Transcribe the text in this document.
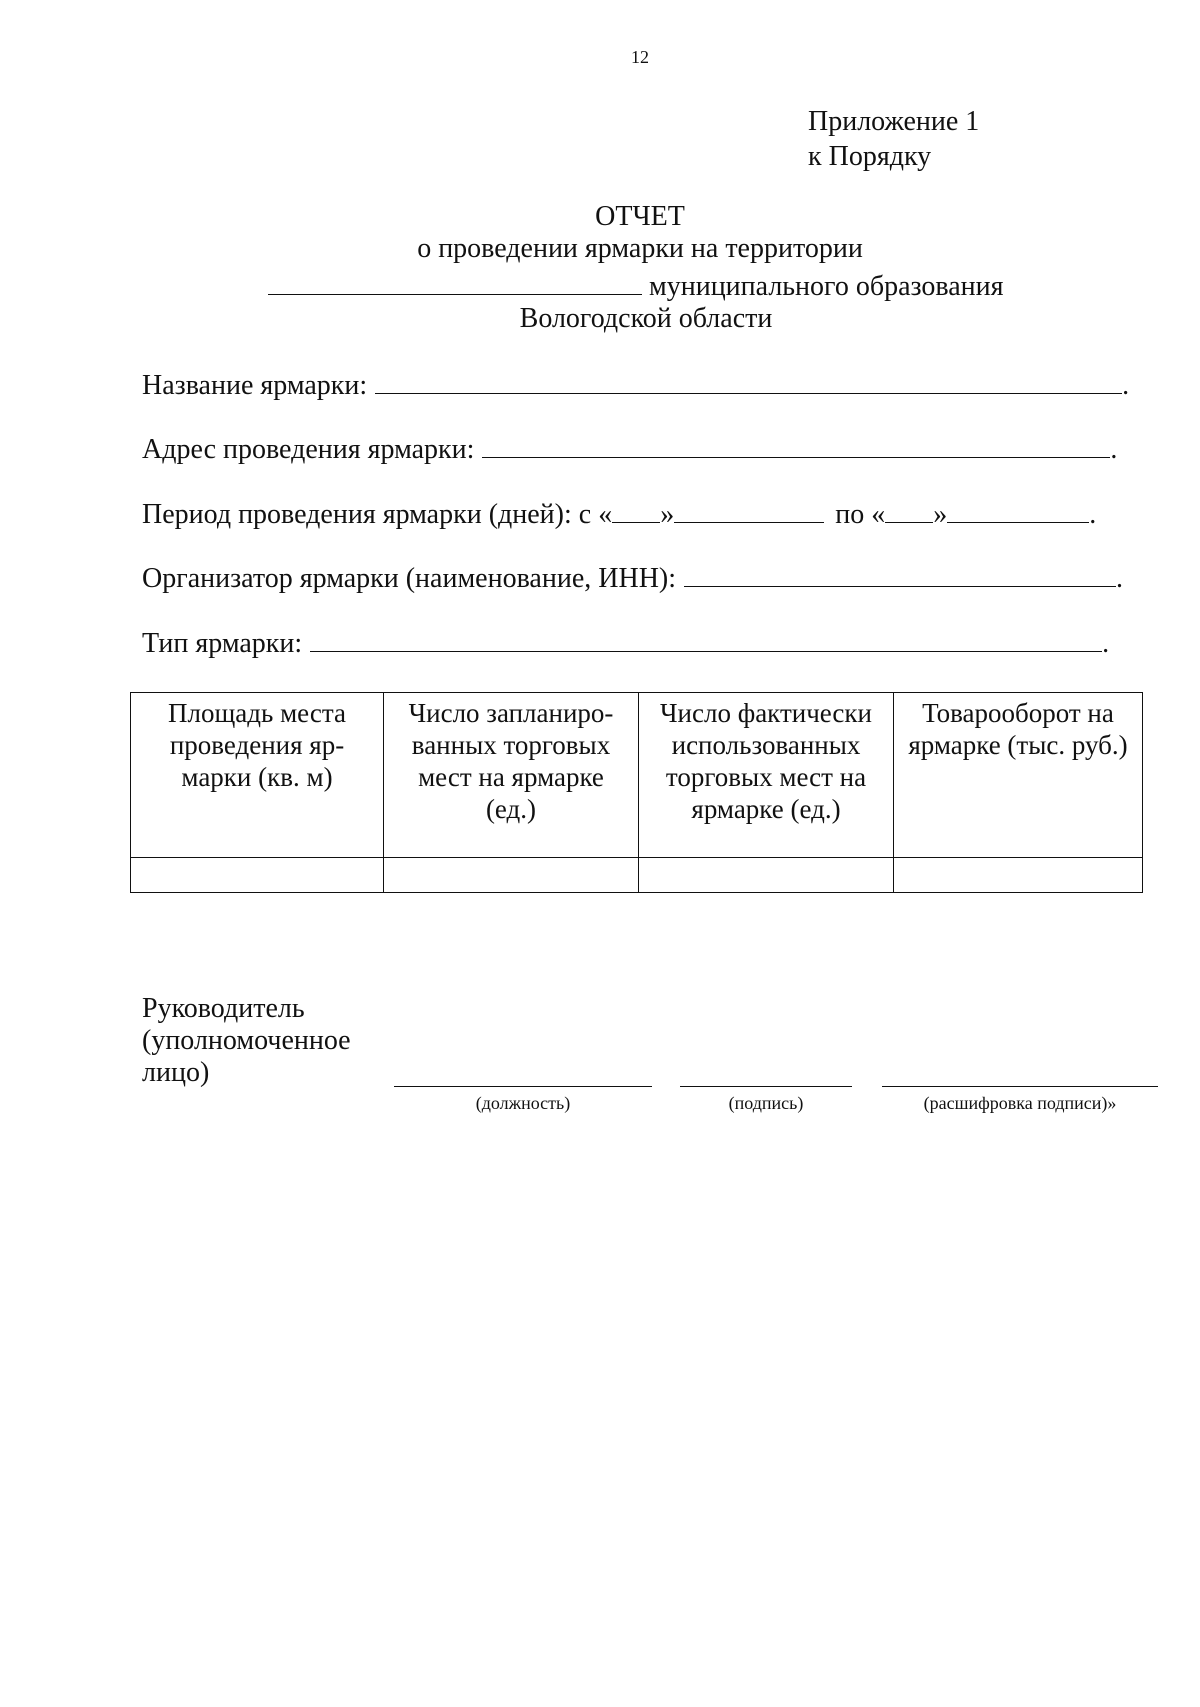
12
Приложение 1
к Порядку
ОТЧЕТ
о проведении ярмарки на территории
муниципального образования
Вологодской области
Название ярмарки:	.
Адрес проведения ярмарки:	.
Период проведения ярмарки (дней): с « »	по « »	.
Организатор ярмарки (наименование, ИНН):	.
Тип ярмарки:	.
Площадь места проведения яр-марки (кв. м)	Число запланиро-ванных торговых мест на ярмарке (ед.)	Число фактически использованных торговых мест на ярмарке (ед.)	Товарооборот на ярмарке (тыс. руб.)

Руководитель
(уполномоченное
лицо)
(должность)	(подпись)	(расшифровка подписи)»
